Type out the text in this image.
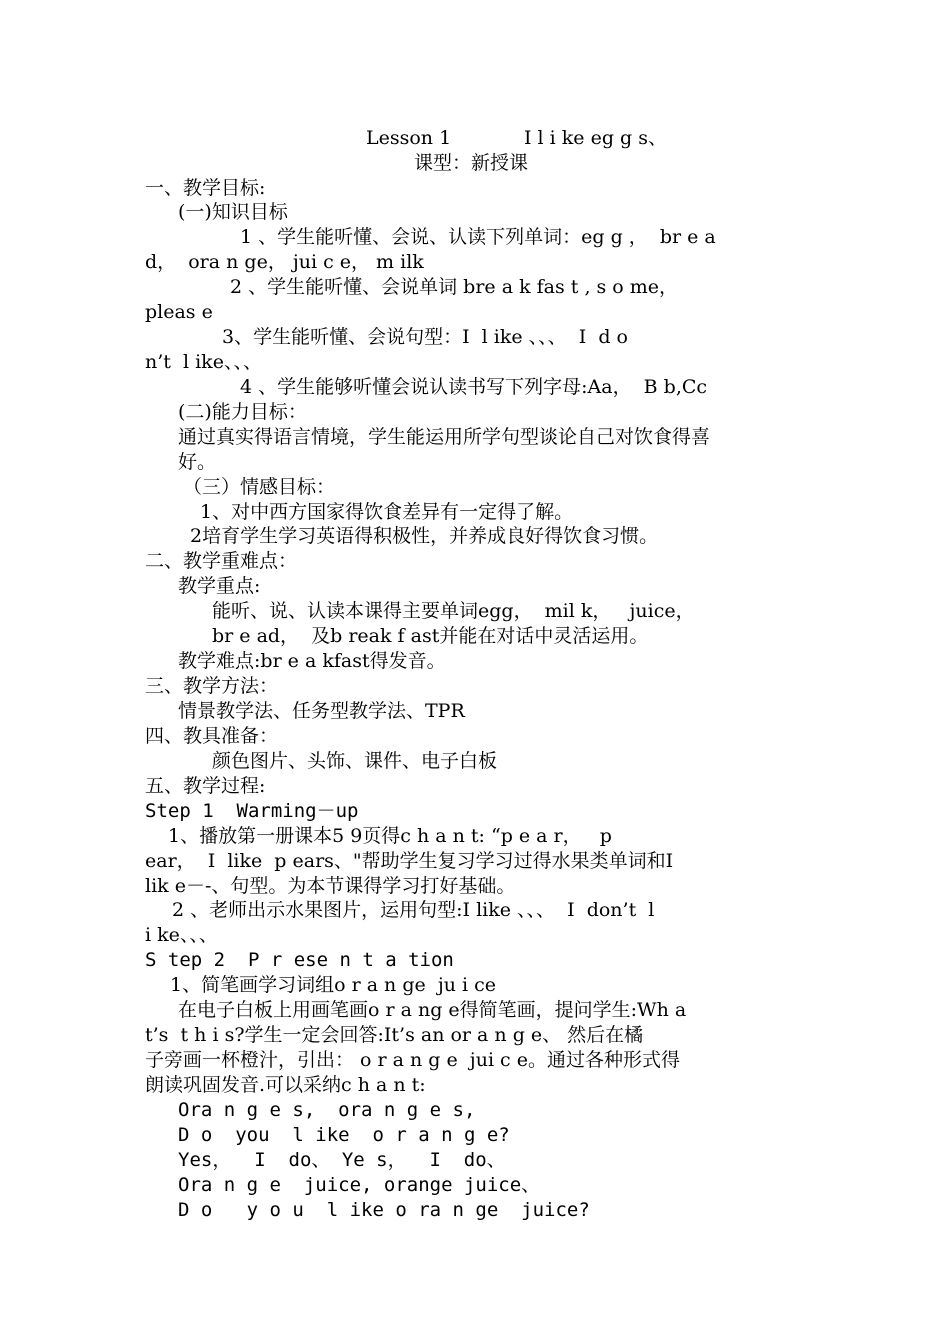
Lesson 1	I l i ke eg g s、
课型：新授课
一、教学目标:
(一)知识目标
1 、学生能听懂、会说、认读下列单词：eg g ，  br e a
d，  ora n ge， jui c e， m ilk
2 、学生能听懂、会说单词 bre a k fas t , s o me，
pleas e
3、学生能听懂、会说句型：I  l ike 、、、  I  d o
n’t  l ike、、、
4 、学生能够听懂会说认读书写下列字母:Aa，  B b,Cc
(二)能力目标：
通过真实得语言情境，学生能运用所学句型谈论自己对饮食得喜
好。
（三）情感目标：
1、对中西方国家得饮食差异有一定得了解。
2培育学生学习英语得积极性，并养成良好得饮食习惯。
二、教学重难点：
教学重点:
能听、说、认读本课得主要单词egg，  mil k，   juice，
br e ad，  及b reak f ast并能在对话中灵活运用。
教学难点:br e a kfast得发音。
三、教学方法：
情景教学法、任务型教学法、TPR
四、教具准备：
颜色图片、头饰、课件、电子白板
五、教学过程:
Step 1  Warming－up
1、播放第一册课本5 9页得c h a n t: “p e a r，   p
ear，  I  like  p ears、"帮助学生复习学习过得水果类单词和I
lik e－-、句型。为本节课得学习打好基础。
2 、老师出示水果图片，运用句型:I like 、、、  I  don’t  l
i ke、、、
S tep 2  P r ese n t a tion
1、简笔画学习词组o r a n ge  ju i ce
在电子白板上用画笔画o r a ng e得简笔画，提问学生:Wh a
t’s  t h i s?学生一定会回答:It’s an or a n g e、 然后在橘
子旁画一杯橙汁，引出： o r a n g e  jui c e。通过各种形式得
朗读巩固发音.可以采纳c h a n t:
Ora n g e s,  ora n g e s,
D o  you  l ike  o r a n g e?
Yes，  I  do、 Ye s，  I  do、
Ora n g e  juice, orange juice、
D o   y o u  l ike o ra n ge  juice?
